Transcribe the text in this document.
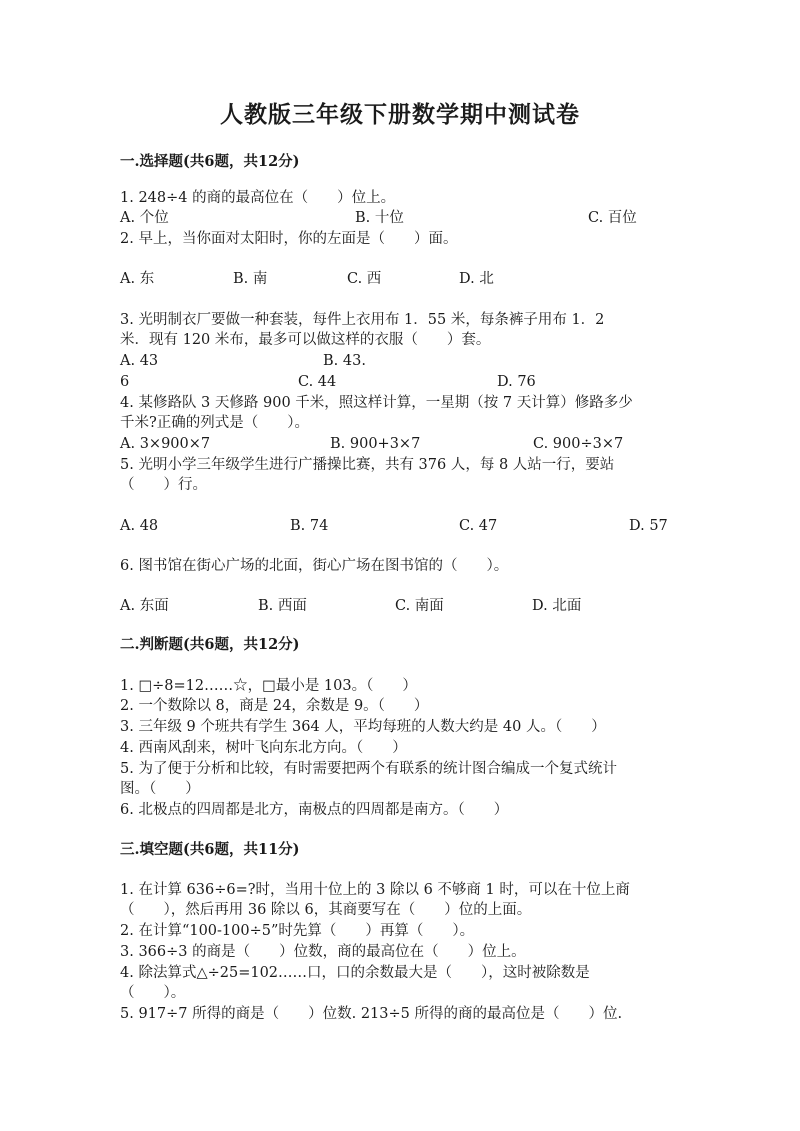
人教版三年级下册数学期中测试卷
一.选择题(共6题，共12分)
1. 248÷4 的商的最高位在（　　）位上。
A. 个位	B. 十位	C. 百位
2. 早上，当你面对太阳时，你的左面是（　　）面。
A. 东	B. 南	C. 西	D. 北
3. 光明制衣厂要做一种套装，每件上衣用布 1．55 米，每条裤子用布 1．2
米．现有 120 米布，最多可以做这样的衣服（　　）套。
A. 43	B. 43.
6	C. 44	D. 76
4. 某修路队 3 天修路 900 千米，照这样计算，一星期（按 7 天计算）修路多少
千米?正确的列式是（　　）。
A. 3×900×7	B. 900+3×7	C. 900÷3×7
5. 光明小学三年级学生进行广播操比赛，共有 376 人，每 8 人站一行，要站
（　　）行。
A. 48	B. 74	C. 47	D. 57
6. 图书馆在街心广场的北面，街心广场在图书馆的（　　）。
A. 东面	B. 西面	C. 南面	D. 北面
二.判断题(共6题，共12分)
1. □÷8=12……☆，□最小是 103。（　　）
2. 一个数除以 8，商是 24，余数是 9。（　　）
3. 三年级 9 个班共有学生 364 人，平均每班的人数大约是 40 人。（　　）
4. 西南风刮来，树叶飞向东北方向。（　　）
5. 为了便于分析和比较，有时需要把两个有联系的统计图合编成一个复式统计
图。（　　）
6. 北极点的四周都是北方，南极点的四周都是南方。（　　）
三.填空题(共6题，共11分)
1. 在计算 636÷6=?时，当用十位上的 3 除以 6 不够商 1 时，可以在十位上商
（　　），然后再用 36 除以 6，其商要写在（　　）位的上面。
2. 在计算“100-100÷5”时先算（　　）再算（　　）。
3. 366÷3 的商是（　　）位数，商的最高位在（　　）位上。
4. 除法算式△÷25=102……口，口的余数最大是（　　），这时被除数是
（　　）。
5. 917÷7 所得的商是（　　）位数. 213÷5 所得的商的最高位是（　　）位.
